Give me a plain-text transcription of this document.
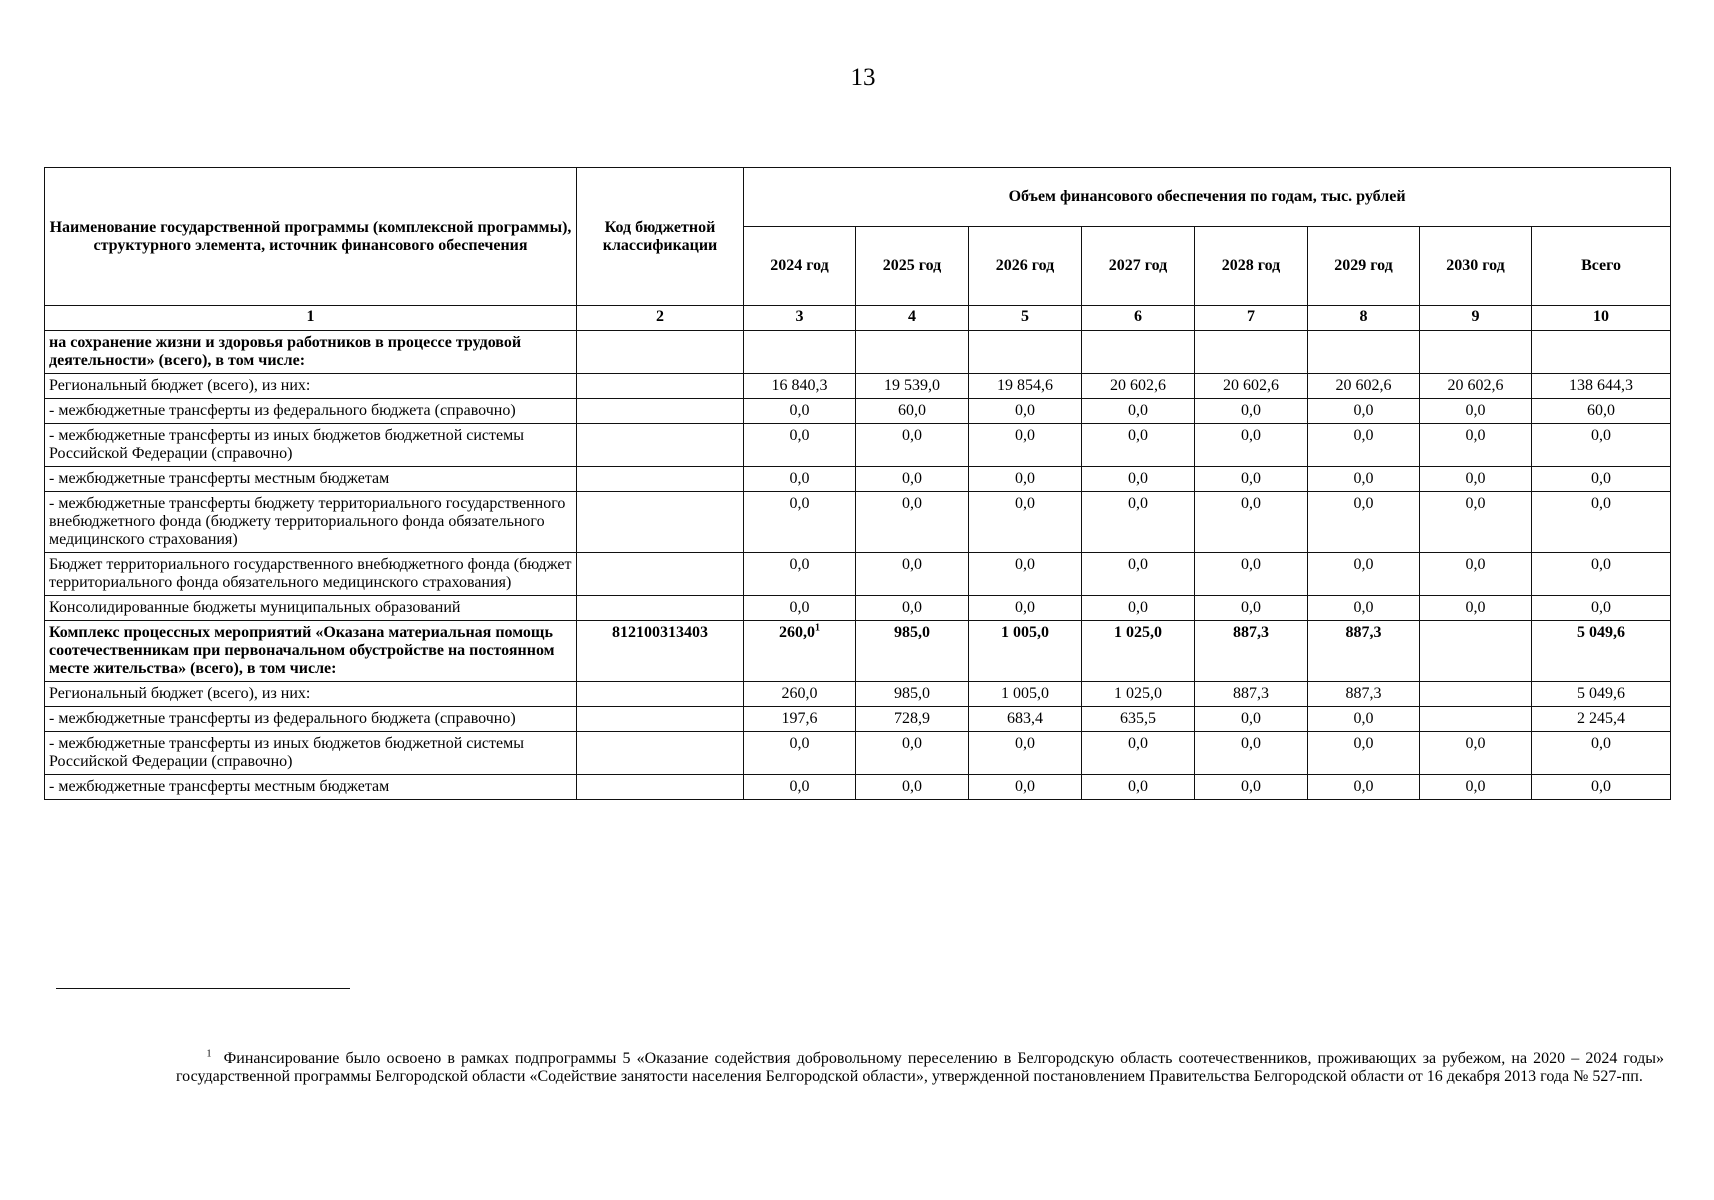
13
Наименование государственной программы (комплексной программы), структурного элемента, источник финансового обеспечения	Код бюджетной классификации	Объем финансового обеспечения по годам, тыс. рублей							
		2024 год	2025 год	2026 год	2027 год	2028 год	2029 год	2030 год	Всего
1	2	3	4	5	6	7	8	9	10
на сохранение жизни и здоровья работников в процессе трудовой деятельности» (всего), в том числе:									
Региональный бюджет (всего), из них:		16 840,3	19 539,0	19 854,6	20 602,6	20 602,6	20 602,6	20 602,6	138 644,3
- межбюджетные трансферты из федерального бюджета (справочно)		0,0	60,0	0,0	0,0	0,0	0,0	0,0	60,0
- межбюджетные трансферты из иных бюджетов бюджетной системы Российской Федерации (справочно)		0,0	0,0	0,0	0,0	0,0	0,0	0,0	0,0
- межбюджетные трансферты местным бюджетам		0,0	0,0	0,0	0,0	0,0	0,0	0,0	0,0
- межбюджетные трансферты бюджету территориального государственного внебюджетного фонда (бюджету территориального фонда обязательного медицинского страхования)		0,0	0,0	0,0	0,0	0,0	0,0	0,0	0,0
Бюджет территориального государственного внебюджетного фонда (бюджет территориального фонда обязательного медицинского страхования)		0,0	0,0	0,0	0,0	0,0	0,0	0,0	0,0
Консолидированные бюджеты муниципальных образований		0,0	0,0	0,0	0,0	0,0	0,0	0,0	0,0
Комплекс процессных мероприятий «Оказана материальная помощь соотечественникам при первоначальном обустройстве на постоянном месте жительства» (всего), в том числе:	812100313403	260,0$^1$	985,0	1 005,0	1 025,0	887,3	887,3		5 049,6
Региональный бюджет (всего), из них:		260,0	985,0	1 005,0	1 025,0	887,3	887,3		5 049,6
- межбюджетные трансферты из федерального бюджета (справочно)		197,6	728,9	683,4	635,5	0,0	0,0		2 245,4
- межбюджетные трансферты из иных бюджетов бюджетной системы Российской Федерации (справочно)		0,0	0,0	0,0	0,0	0,0	0,0	0,0	0,0
- межбюджетные трансферты местным бюджетам		0,0	0,0	0,0	0,0	0,0	0,0	0,0	0,0
$^1$ Финансирование было освоено в рамках подпрограммы 5 «Оказание содействия добровольному переселению в Белгородскую область соотечественников, проживающих за рубежом, на 2020 – 2024 годы» государственной программы Белгородской области «Содействие занятости населения Белгородской области», утвержденной постановлением Правительства Белгородской области от 16 декабря 2013 года № 527-пп.
